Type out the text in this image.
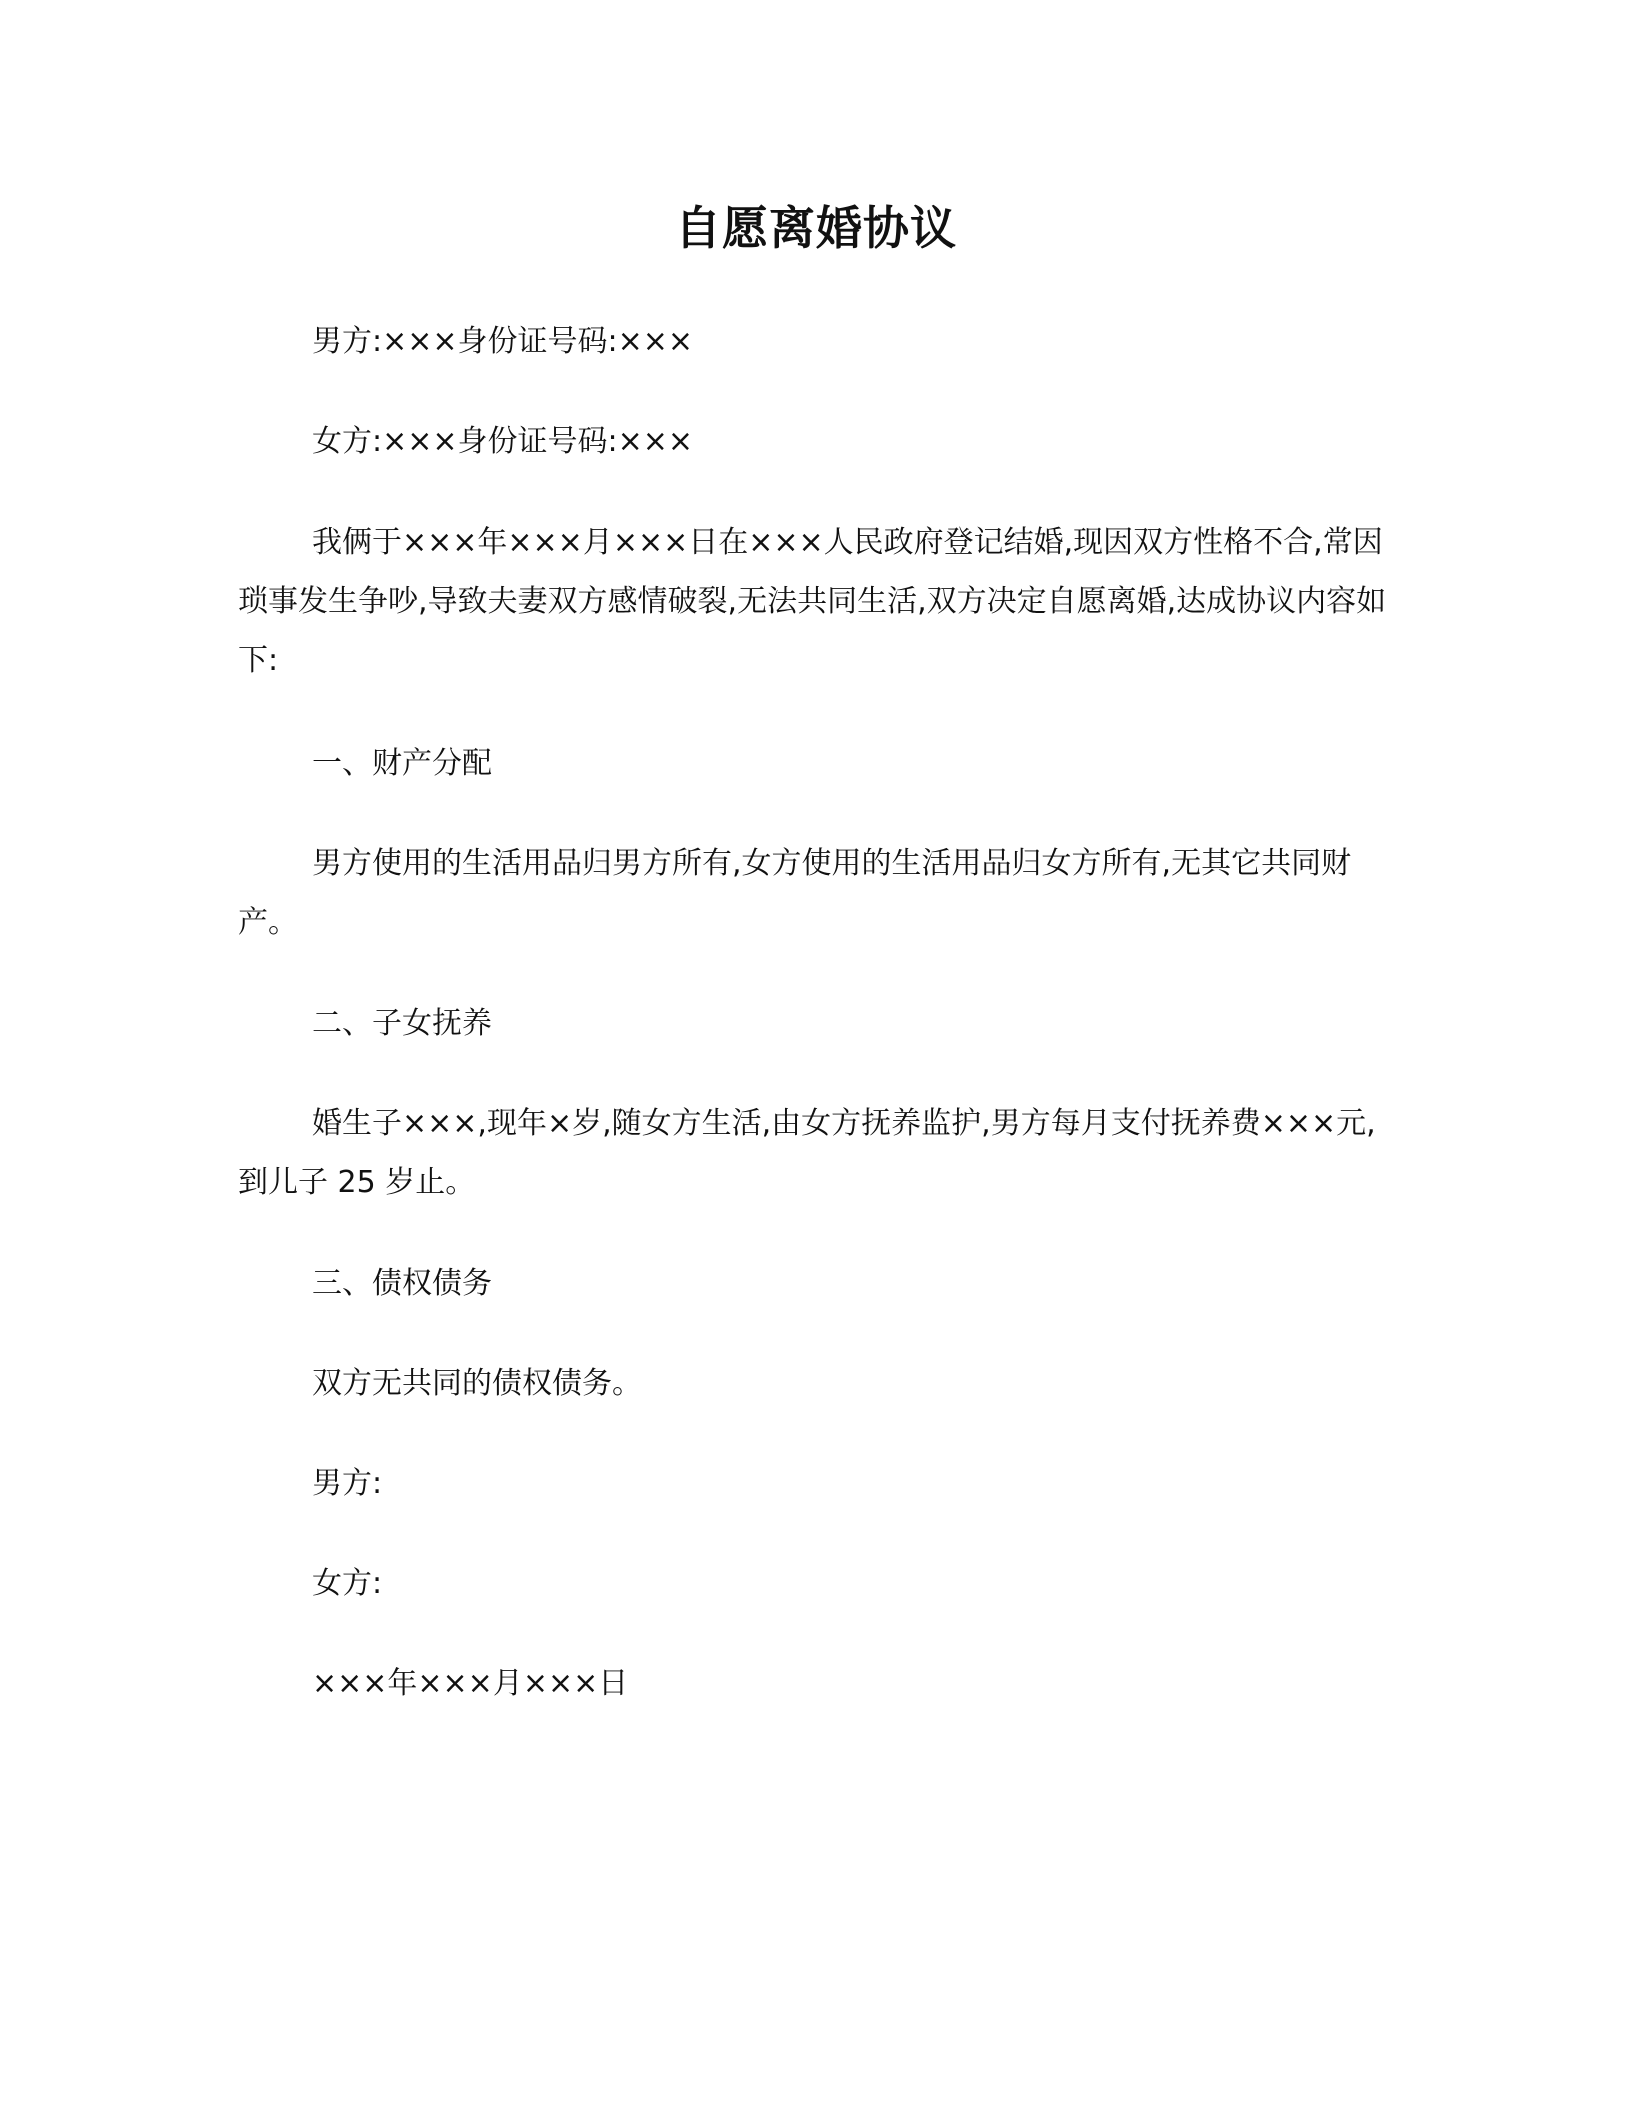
自愿离婚协议

男方:×××身份证号码:×××

女方:×××身份证号码:×××

我俩于×××年×××月×××日在×××人民政府登记结婚,现因双方性格不合,常因琐事发生争吵,导致夫妻双方感情破裂,无法共同生活,双方决定自愿离婚,达成协议内容如下:

一、财产分配

男方使用的生活用品归男方所有,女方使用的生活用品归女方所有,无其它共同财产。

二、子女抚养

婚生子×××,现年×岁,随女方生活,由女方抚养监护,男方每月支付抚养费×××元,到儿子 25 岁止。

三、债权债务

双方无共同的债权债务。

男方:

女方:

×××年×××月×××日
